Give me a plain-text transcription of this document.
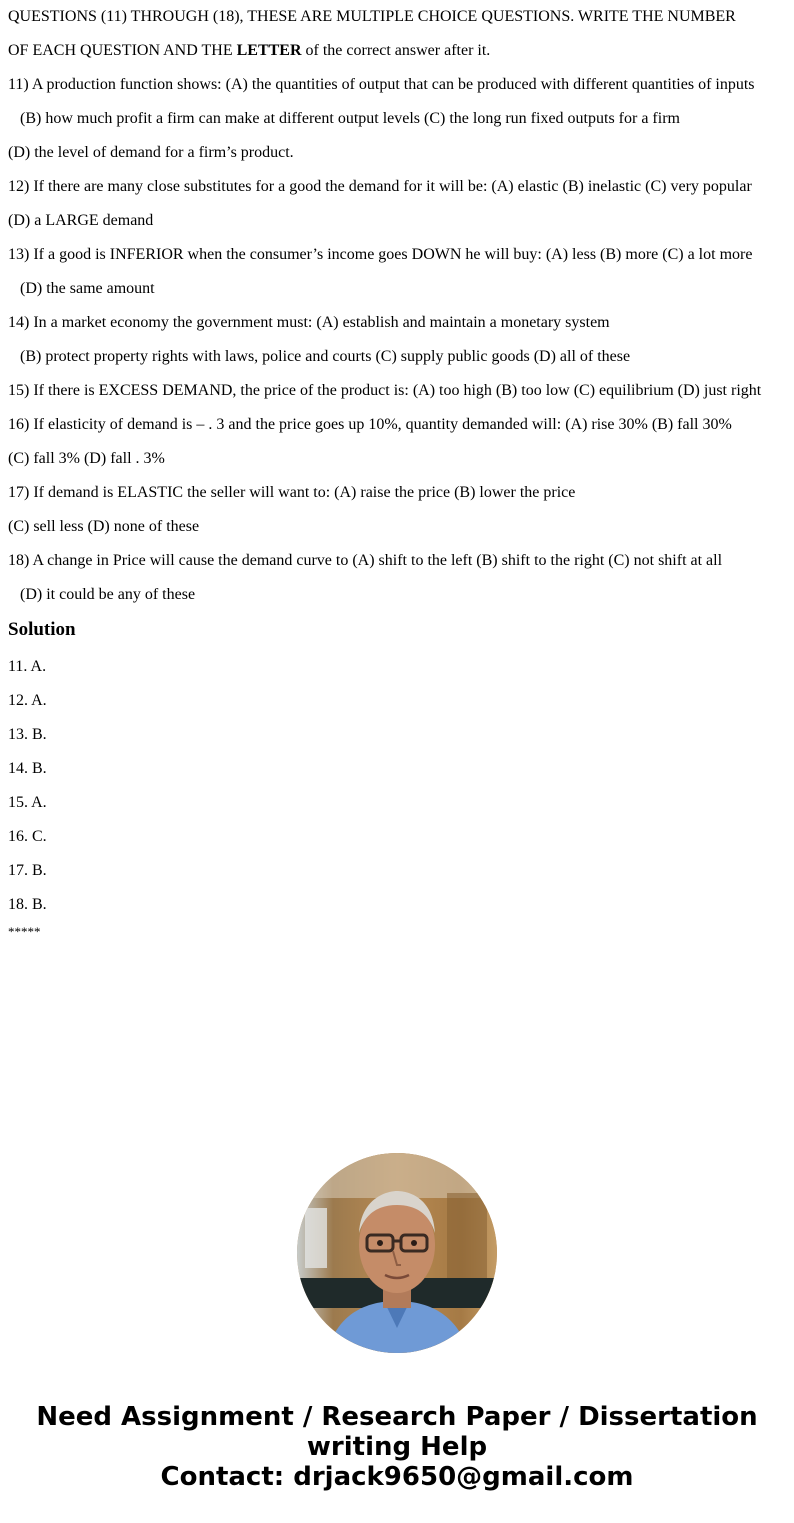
QUESTIONS (11) THROUGH (18), THESE ARE MULTIPLE CHOICE QUESTIONS. WRITE THE NUMBER
OF EACH QUESTION AND THE LETTER of the correct answer after it.
11) A production function shows: (A) the quantities of output that can be produced with different quantities of inputs
(B) how much profit a firm can make at different output levels (C) the long run fixed outputs for a firm
(D) the level of demand for a firm’s product.
12) If there are many close substitutes for a good the demand for it will be: (A) elastic (B) inelastic (C) very popular
(D) a LARGE demand
13) If a good is INFERIOR when the consumer’s income goes DOWN he will buy: (A) less (B) more (C) a lot more
(D) the same amount
14) In a market economy the government must: (A) establish and maintain a monetary system
(B) protect property rights with laws, police and courts (C) supply public goods (D) all of these
15) If there is EXCESS DEMAND, the price of the product is: (A) too high (B) too low (C) equilibrium (D) just right
16) If elasticity of demand is – . 3 and the price goes up 10%, quantity demanded will: (A) rise 30% (B) fall 30%
(C) fall 3% (D) fall . 3%
17) If demand is ELASTIC the seller will want to: (A) raise the price (B) lower the price
(C) sell less (D) none of these
18) A change in Price will cause the demand curve to (A) shift to the left (B) shift to the right (C) not shift at all
(D) it could be any of these
Solution
11. A.
12. A.
13. B.
14. B.
15. A.
16. C.
17. B.
18. B.
*****
Need Assignment / Research Paper / Dissertation
writing Help
Contact: drjack9650@gmail.com
